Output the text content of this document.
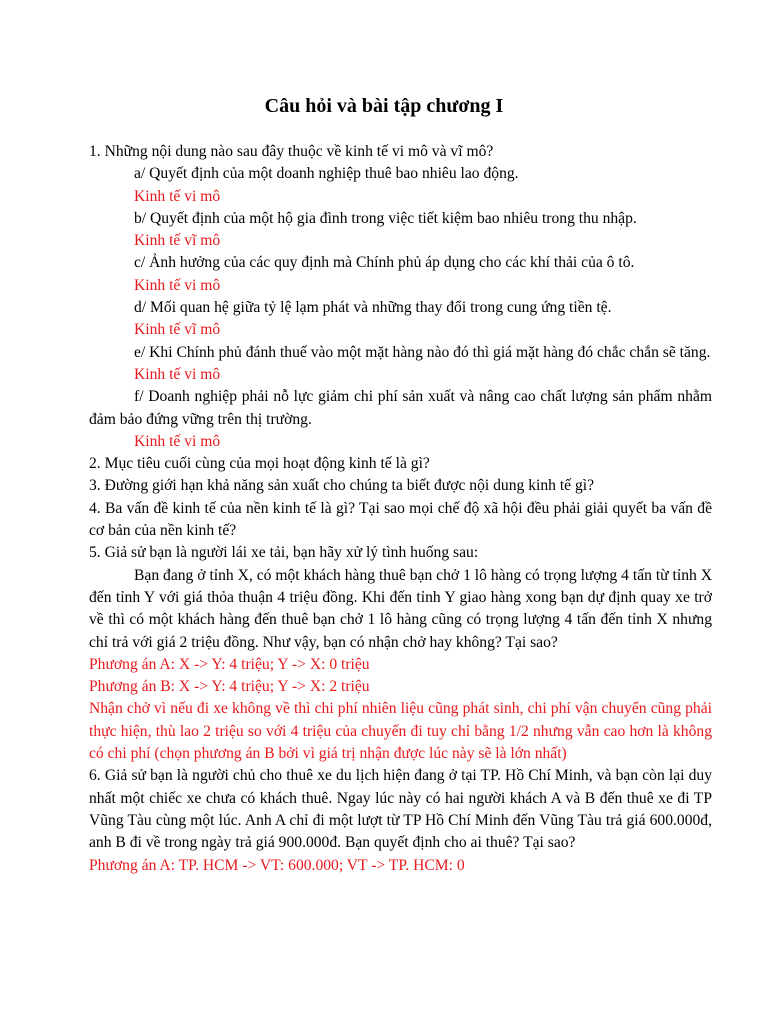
Câu hỏi và bài tập chương I

1. Những nội dung nào sau đây thuộc về kinh tế vi mô và vĩ mô?

a/ Quyết định của một doanh nghiệp thuê bao nhiêu lao động.

Kinh tế vi mô

b/ Quyết định của một hộ gia đình trong việc tiết kiệm bao nhiêu trong thu nhập.

Kinh tế vĩ mô

c/ Ảnh hưởng của các quy định mà Chính phủ áp dụng cho các khí thải của ô tô.

Kinh tế vi mô

d/ Mối quan hệ giữa tỷ lệ lạm phát và những thay đổi trong cung ứng tiền tệ.

Kinh tế vĩ mô

e/ Khi Chính phủ đánh thuế vào một mặt hàng nào đó thì giá mặt hàng đó chắc chắn sẽ tăng.

Kinh tế vi mô

f/ Doanh nghiệp phải nỗ lực giảm chi phí sản xuất và nâng cao chất lượng sản phẩm nhằm đảm bảo đứng vững trên thị trường.

Kinh tế vi mô

2. Mục tiêu cuối cùng của mọi hoạt động kinh tế là gì?

3. Đường giới hạn khả năng sản xuất cho chúng ta biết được nội dung kinh tế gì?

4. Ba vấn đề kinh tế của nền kinh tế là gì? Tại sao mọi chế độ xã hội đều phải giải quyết ba vấn đề cơ bản của nền kinh tế?

5. Giả sử bạn là người lái xe tải, bạn hãy xử lý tình huống sau:

Bạn đang ở tỉnh X, có một khách hàng thuê bạn chở 1 lô hàng có trọng lượng 4 tấn từ tỉnh X đến tỉnh Y với giá thỏa thuận 4 triệu đồng. Khi đến tỉnh Y giao hàng xong bạn dự định quay xe trở về thì có một khách hàng đến thuê bạn chở 1 lô hàng cũng có trọng lượng 4 tấn đến tỉnh X nhưng chỉ trả với giá 2 triệu đồng. Như vậy, bạn có nhận chở hay không? Tại sao?

Phương án A: X -> Y: 4 triệu; Y -> X: 0 triệu

Phương án B: X -> Y: 4 triệu; Y -> X: 2 triệu

Nhận chở vì nếu đi xe không về thì chi phí nhiên liệu cũng phát sinh, chi phí vận chuyển cũng phải thực hiện, thù lao 2 triệu so với 4 triệu của chuyến đi tuy chỉ bằng 1/2 nhưng vẫn cao hơn là không có chi phí (chọn phương án B bởi vì giá trị nhận được lúc này sẽ là lớn nhất)

6. Giả sử bạn là người chủ cho thuê xe du lịch hiện đang ở tại TP. Hồ Chí Minh, và bạn còn lại duy nhất một chiếc xe chưa có khách thuê. Ngay lúc này có hai người khách A và B đến thuê xe đi TP Vũng Tàu cùng một lúc. Anh A chỉ đi một lượt từ TP Hồ Chí Minh đến Vũng Tàu trả giá 600.000đ, anh B đi về trong ngày trả giá 900.000đ. Bạn quyết định cho ai thuê? Tại sao?

Phương án A: TP. HCM -> VT: 600.000; VT -> TP. HCM: 0
